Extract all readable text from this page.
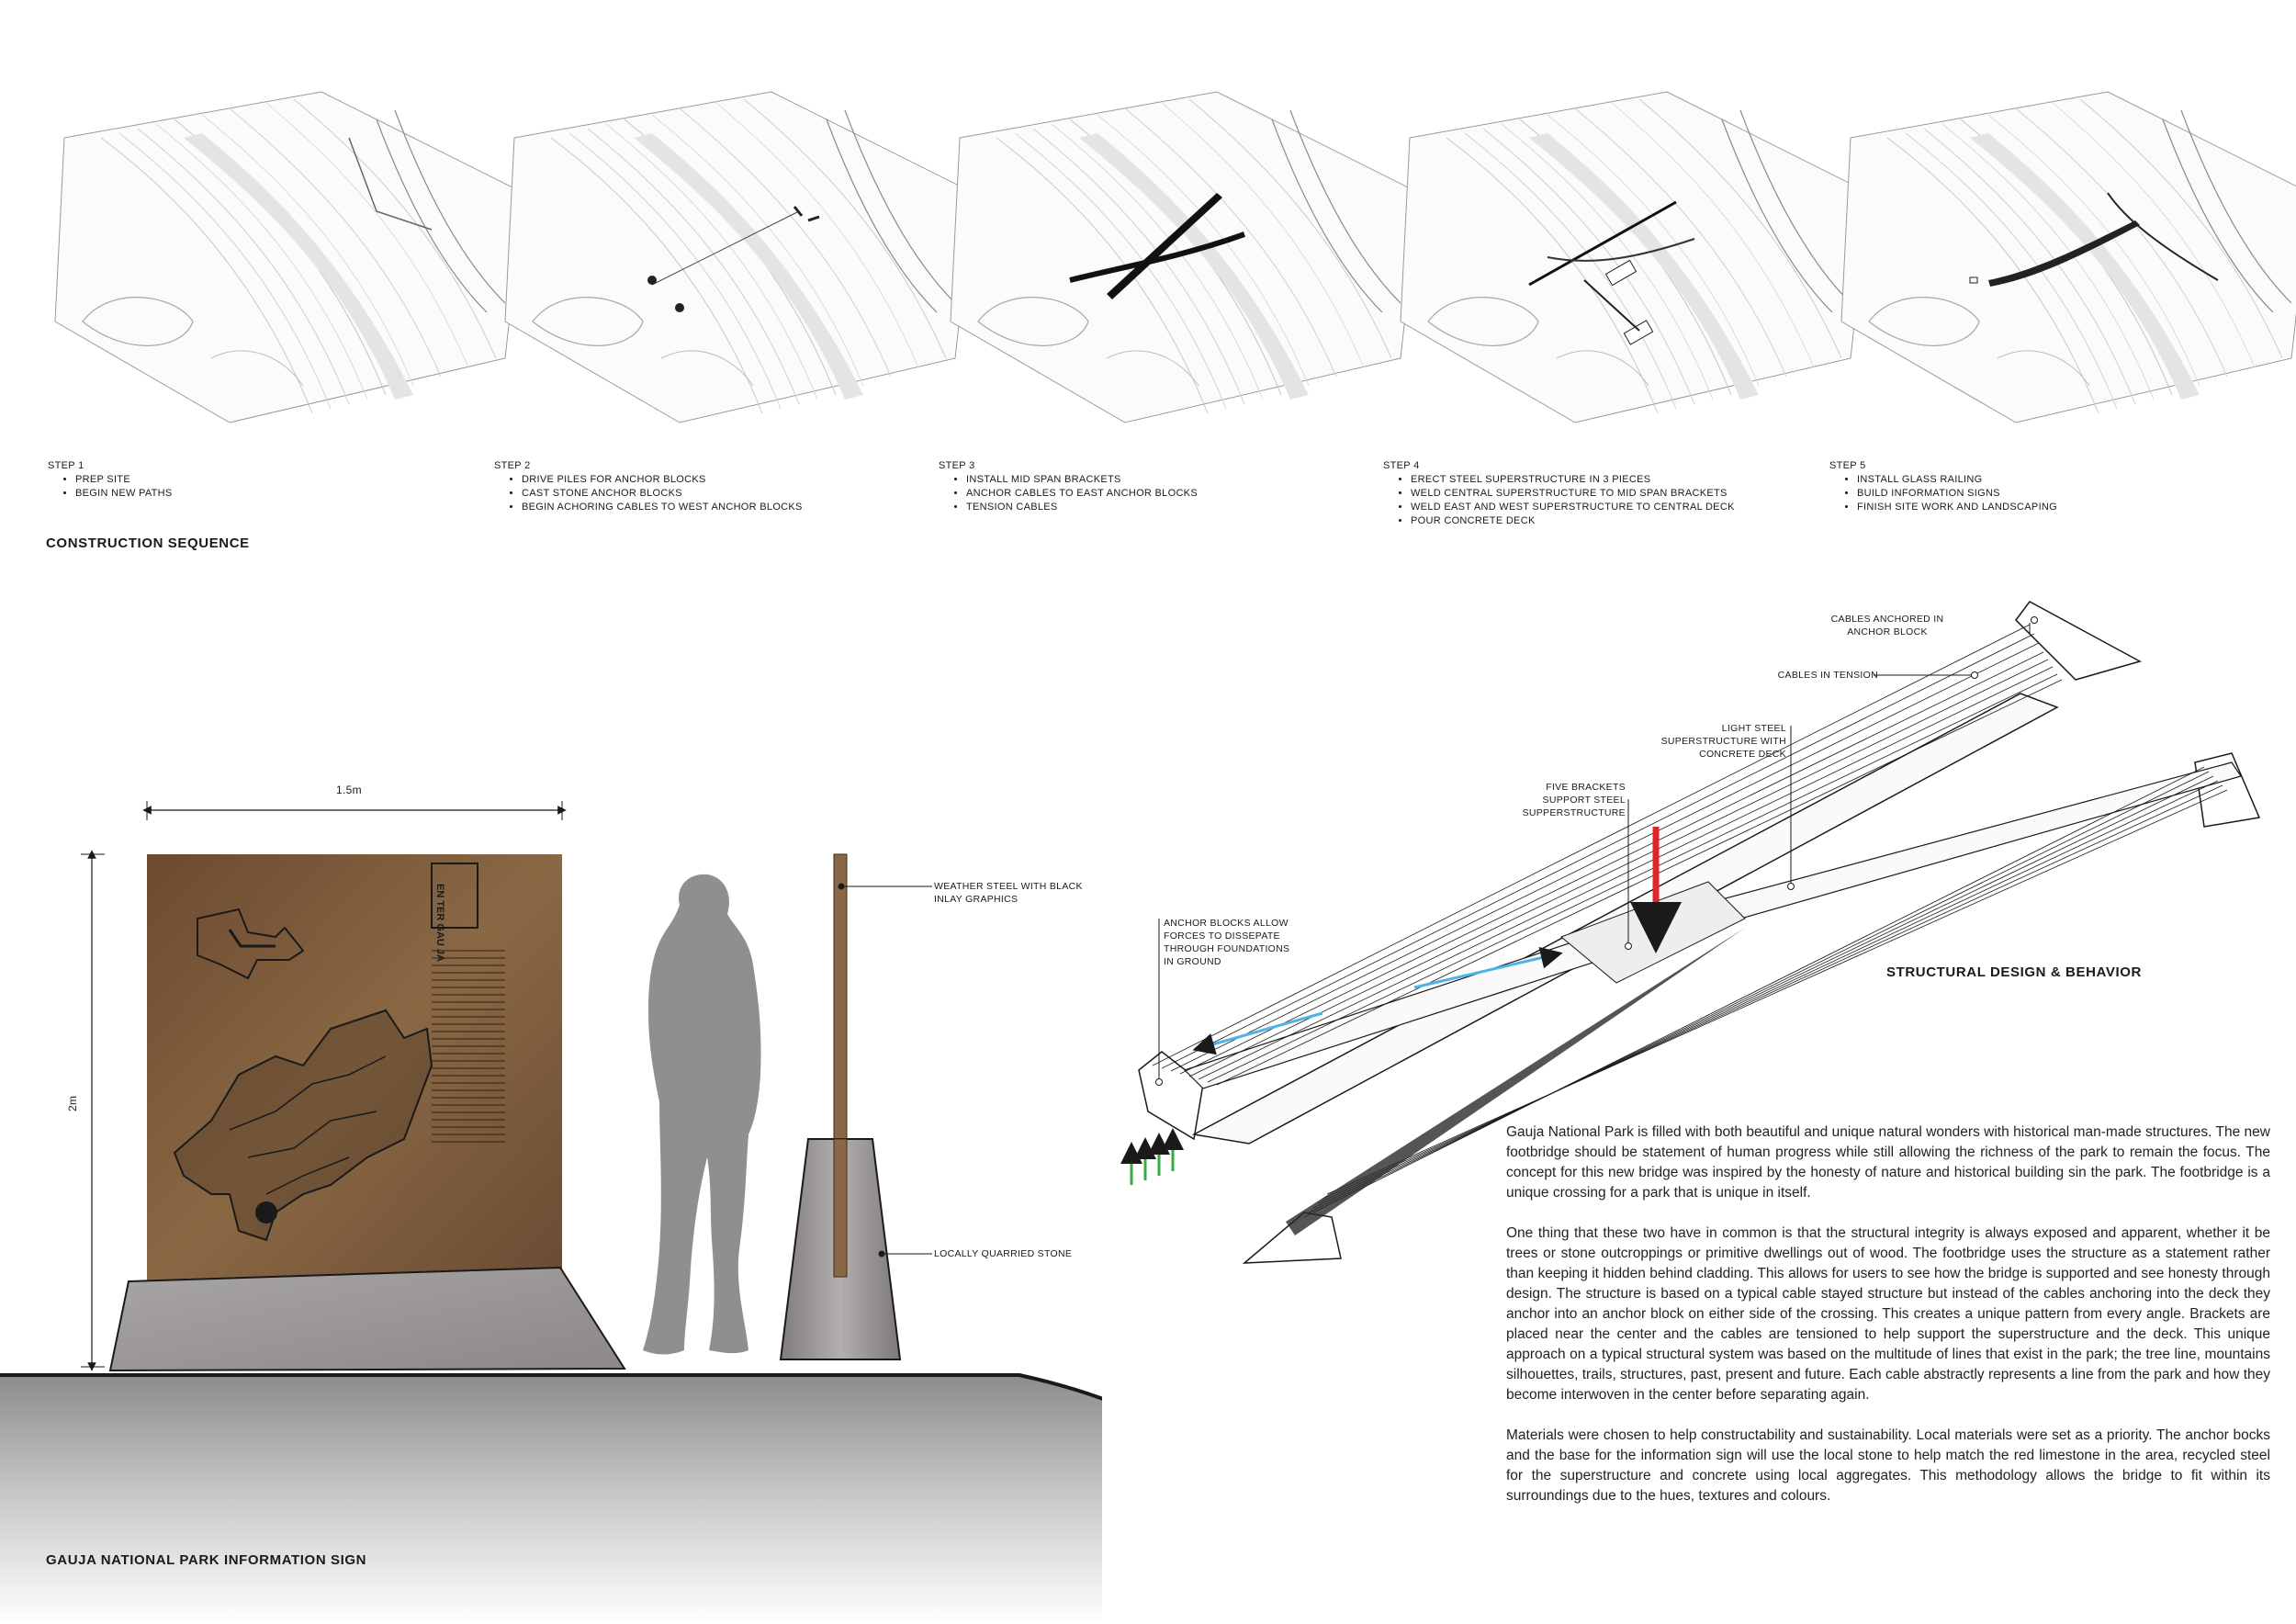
STEP 1
• PREP SITE
• BEGIN NEW PATHS
STEP 2
• DRIVE PILES FOR ANCHOR BLOCKS
• CAST STONE ANCHOR BLOCKS
• BEGIN ACHORING CABLES TO WEST ANCHOR BLOCKS
STEP 3
• INSTALL MID SPAN BRACKETS
• ANCHOR CABLES TO EAST ANCHOR BLOCKS
• TENSION CABLES
STEP 4
• ERECT STEEL SUPERSTRUCTURE IN 3 PIECES
• WELD CENTRAL SUPERSTRUCTURE TO MID SPAN BRACKETS
• WELD EAST AND WEST SUPERSTRUCTURE TO CENTRAL DECK
• POUR CONCRETE DECK
STEP 5
• INSTALL GLASS RAILING
• BUILD INFORMATION SIGNS
• FINISH SITE WORK AND LANDSCAPING
CONSTRUCTION SEQUENCE
EN TER GAU JA
1.5m
2m
WEATHER STEEL WITH BLACK INLAY GRAPHICS
LOCALLY QUARRIED STONE
GAUJA NATIONAL PARK INFORMATION SIGN
CABLES ANCHORED IN ANCHOR BLOCK
CABLES IN TENSION
LIGHT STEEL SUPERSTRUCTURE WITH CONCRETE DECK
FIVE BRACKETS SUPPORT STEEL SUPPERSTRUCTURE
ANCHOR BLOCKS ALLOW FORCES TO DISSEPATE THROUGH FOUNDATIONS IN GROUND
STRUCTURAL DESIGN & BEHAVIOR

Gauja National Park is filled with both beautiful and unique natural wonders with historical man-made structures. The new footbridge should be statement of human progress while still allowing the richness of the park to remain the focus. The concept for this new bridge was inspired by the honesty of nature and historical building sin the park. The footbridge is a unique crossing for a park that is unique in itself.

One thing that these two have in common is that the structural integrity is always exposed and apparent, whether it be trees or stone outcroppings or primitive dwellings out of wood. The footbridge uses the structure as a statement rather than keeping it hidden behind cladding. This allows for users to see how the bridge is supported and see honesty through design. The structure is based on a typical cable stayed structure but instead of the cables anchoring into the deck they anchor into an anchor block on either side of the crossing. This creates a unique pattern from every angle. Brackets are placed near the center and the cables are tensioned to help support the superstructure and the deck. This unique approach on a typical structural system was based on the multitude of lines that exist in the park; the tree line, mountains silhouettes, trails, structures, past, present and future. Each cable abstractly represents a line from the park and how they become interwoven in the center before separating again.

Materials were chosen to help constructability and sustainability. Local materials were set as a priority. The anchor bocks and the base for the information sign will use the local stone to help match the red limestone in the area, recycled steel for the superstructure and concrete using local aggregates. This methodology allows the bridge to fit within its surroundings due to the hues, textures and colours.
